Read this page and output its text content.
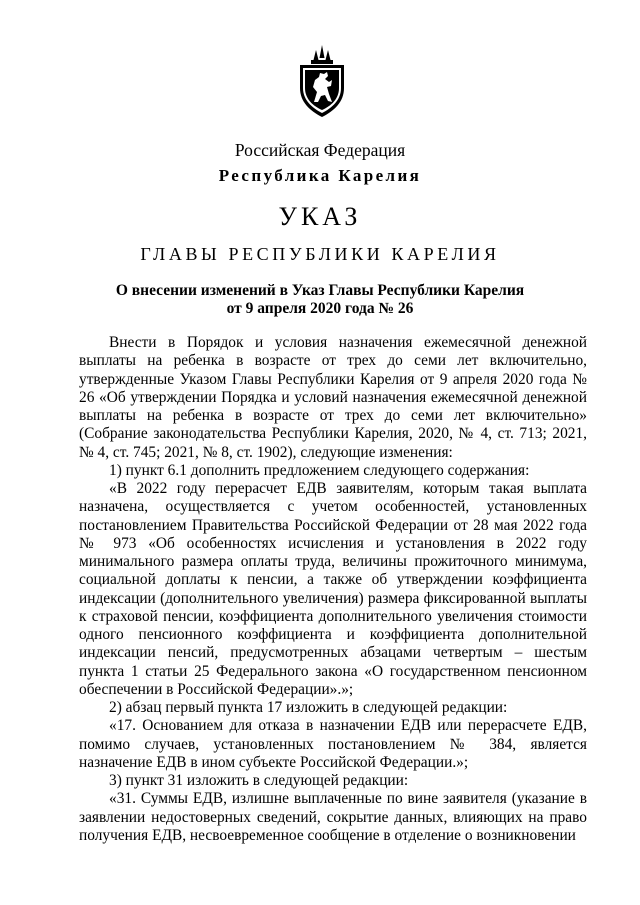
Российская Федерация
Республика Карелия
УКАЗ
ГЛАВЫ РЕСПУБЛИКИ КАРЕЛИЯ
О внесении изменений в Указ Главы Республики Карелия
от 9 апреля 2020 года № 26

Внести в Порядок и условия назначения ежемесячной денежной выплаты на ребенка в возрасте от трех до семи лет включительно, утвержденные Указом Главы Республики Карелия от 9 апреля 2020 года № 26 «Об утверждении Порядка и условий назначения ежемесячной денежной выплаты на ребенка в возрасте от трех до семи лет включительно» (Собрание законодательства Республики Карелия, 2020, № 4, ст. 713; 2021, № 4, ст. 745; 2021, № 8, ст. 1902), следующие изменения:

1) пункт 6.1 дополнить предложением следующего содержания:

«В 2022 году перерасчет ЕДВ заявителям, которым такая выплата назначена, осуществляется с учетом особенностей, установленных постановлением Правительства Российской Федерации от 28 мая 2022 года № 973 «Об особенностях исчисления и установления в 2022 году минимального размера оплаты труда, величины прожиточного минимума, социальной доплаты к пенсии, а также об утверждении коэффициента индексации (дополнительного увеличения) размера фиксированной выплаты к страховой пенсии, коэффициента дополнительного увеличения стоимости одного пенсионного коэффициента и коэффициента дополнительной индексации пенсий, предусмотренных абзацами четвертым – шестым пункта 1 статьи 25 Федерального закона «О государственном пенсионном обеспечении в Российской Федерации».»;

2) абзац первый пункта 17 изложить в следующей редакции:

«17. Основанием для отказа в назначении ЕДВ или перерасчете ЕДВ, помимо случаев, установленных постановлением № 384, является назначение ЕДВ в ином субъекте Российской Федерации.»;

3) пункт 31 изложить в следующей редакции:

«31. Суммы ЕДВ, излишне выплаченные по вине заявителя (указание в заявлении недостоверных сведений, сокрытие данных, влияющих на право получения ЕДВ, несвоевременное сообщение в отделение о возникновении
